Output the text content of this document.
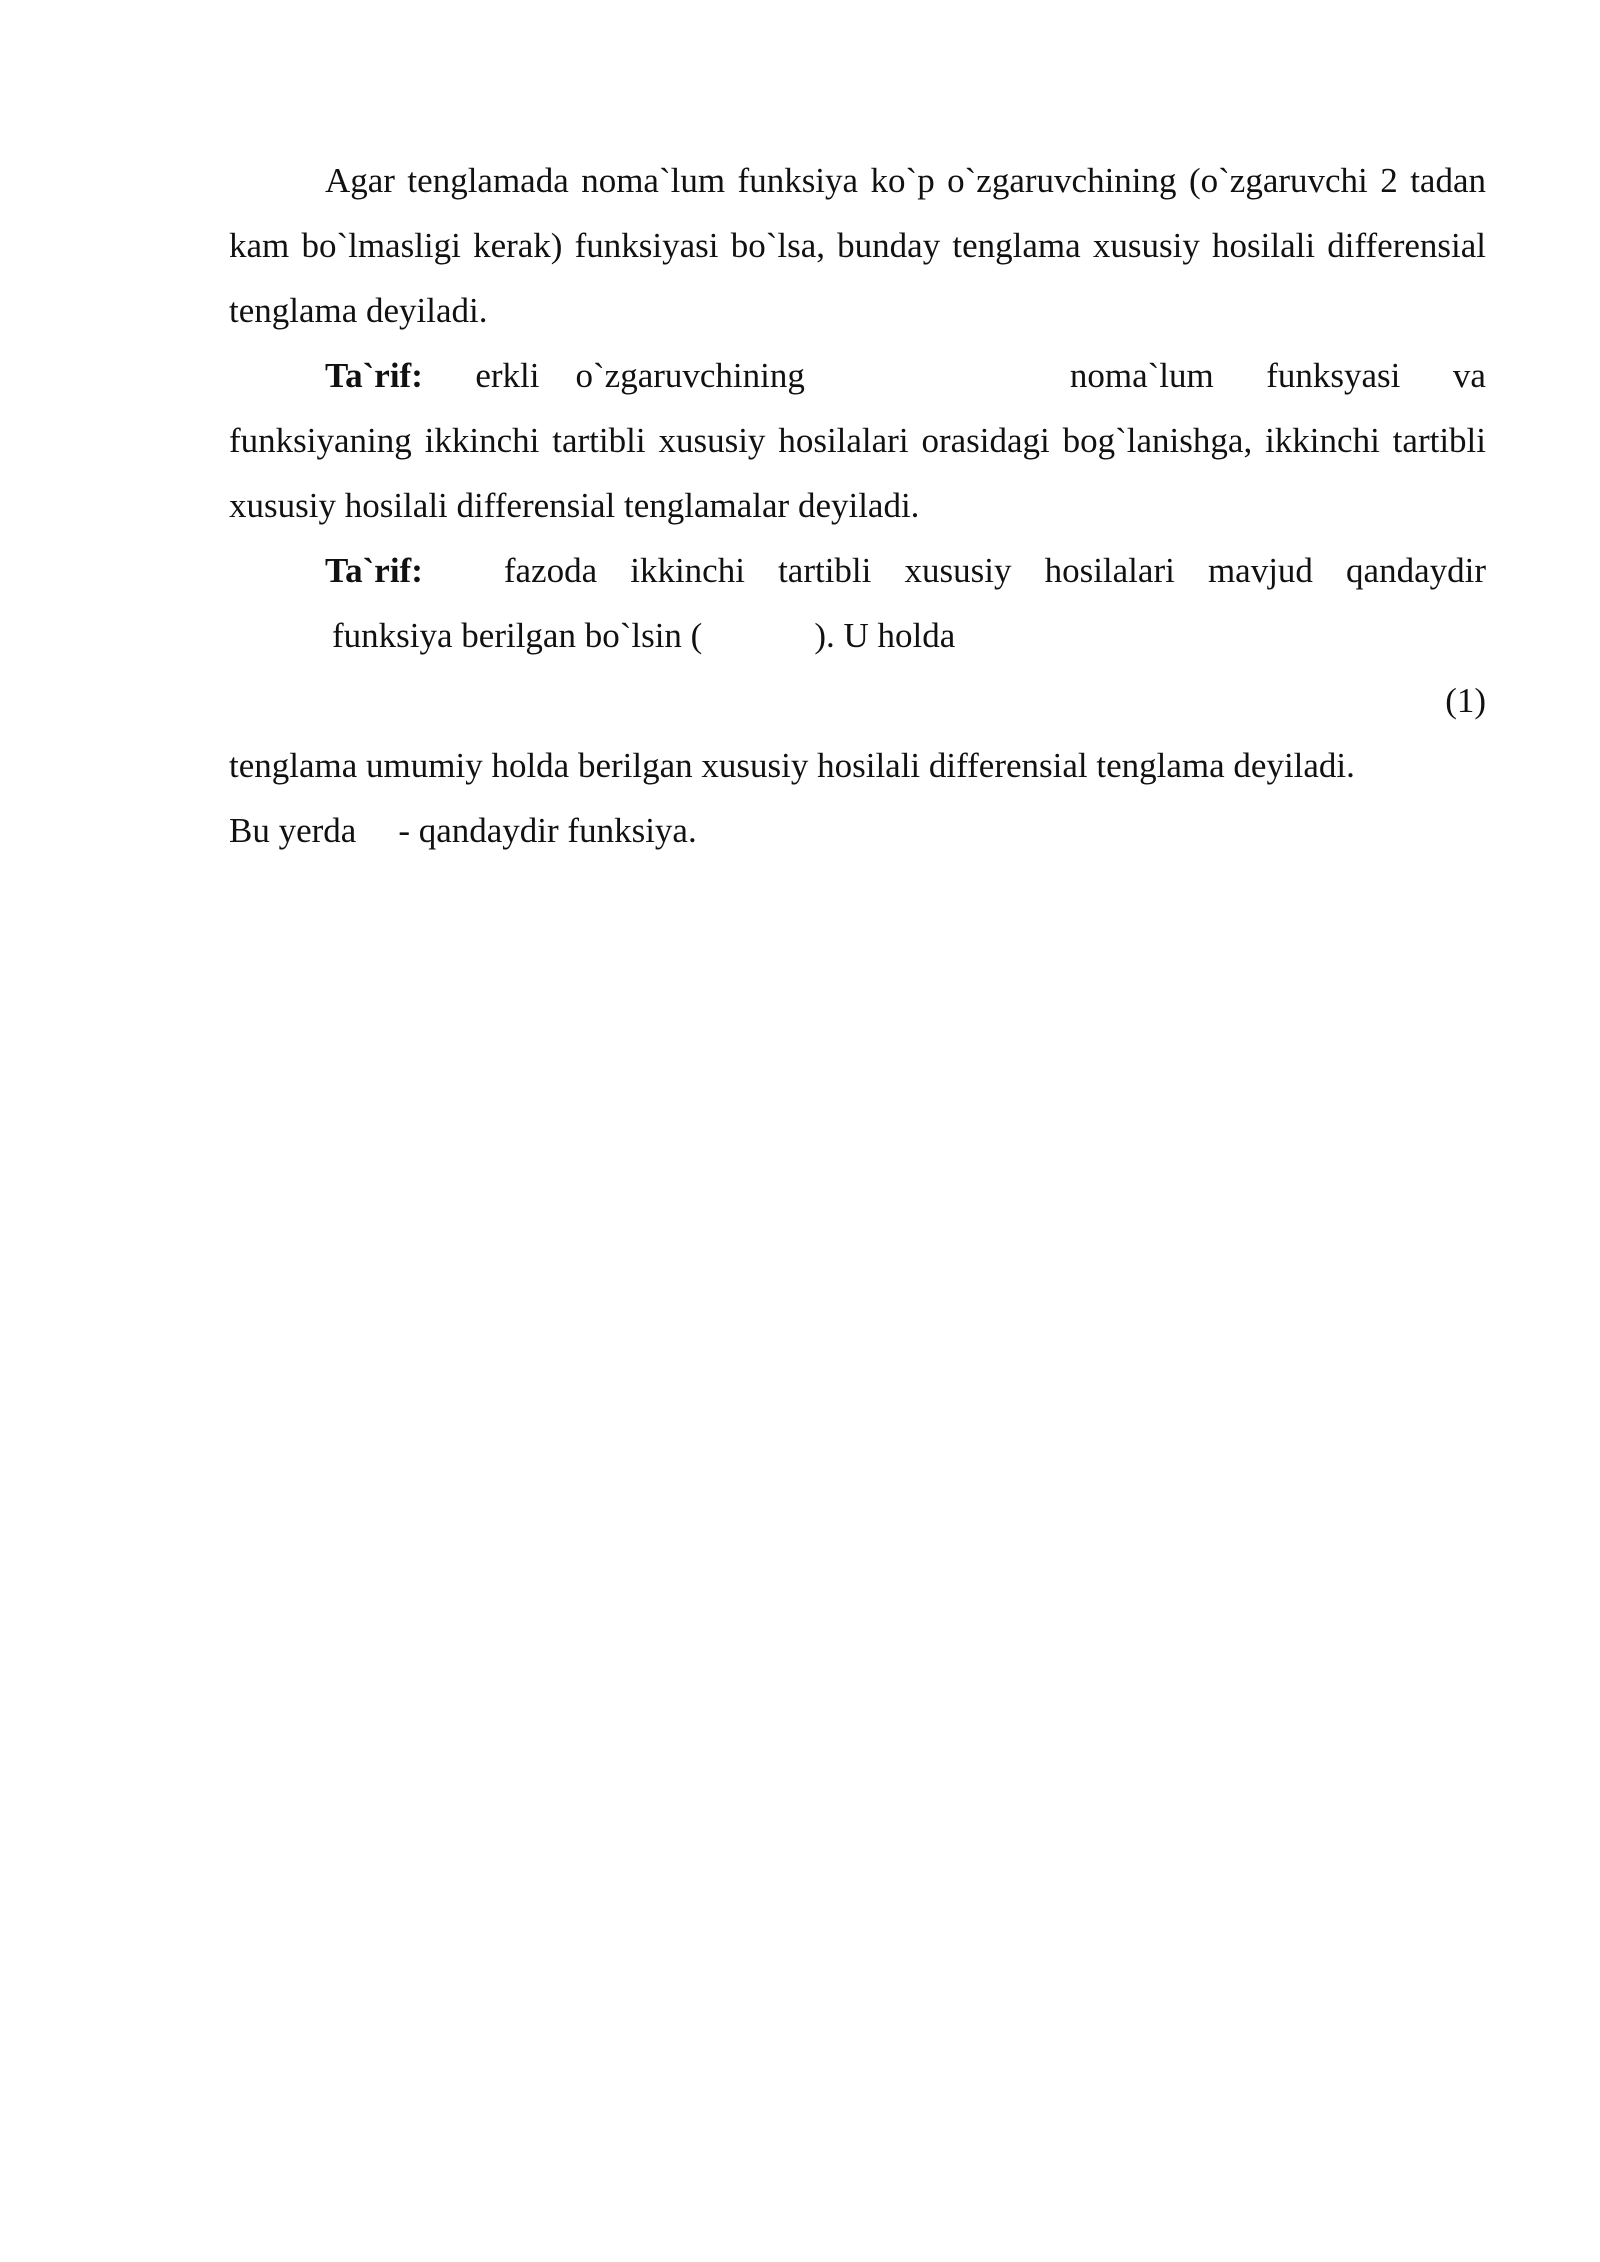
Agar tenglamada noma`lum funksiya ko`p o`zgaruvchining (o`zgaruvchi 2 tadan kam bo`lmasligi kerak) funksiyasi bo`lsa, bunday tenglama xususiy hosilali differensial tenglama deyiladi.

Ta`rif: erkli o`zgaruvchining	noma`lum funksyasi va

funksiyaning ikkinchi tartibli xususiy hosilalari orasidagi bog`lanishga, ikkinchi tartibli xususiy hosilali differensial tenglamalar deyiladi.

Ta`rif: fazoda ikkinchi tartibli xususiy hosilalari mavjud qandaydir
funksiya berilgan bo`lsin (	). U holda
(1)
tenglama umumiy holda berilgan xususiy hosilali differensial tenglama deyiladi.
Bu yerda - qandaydir funksiya.
